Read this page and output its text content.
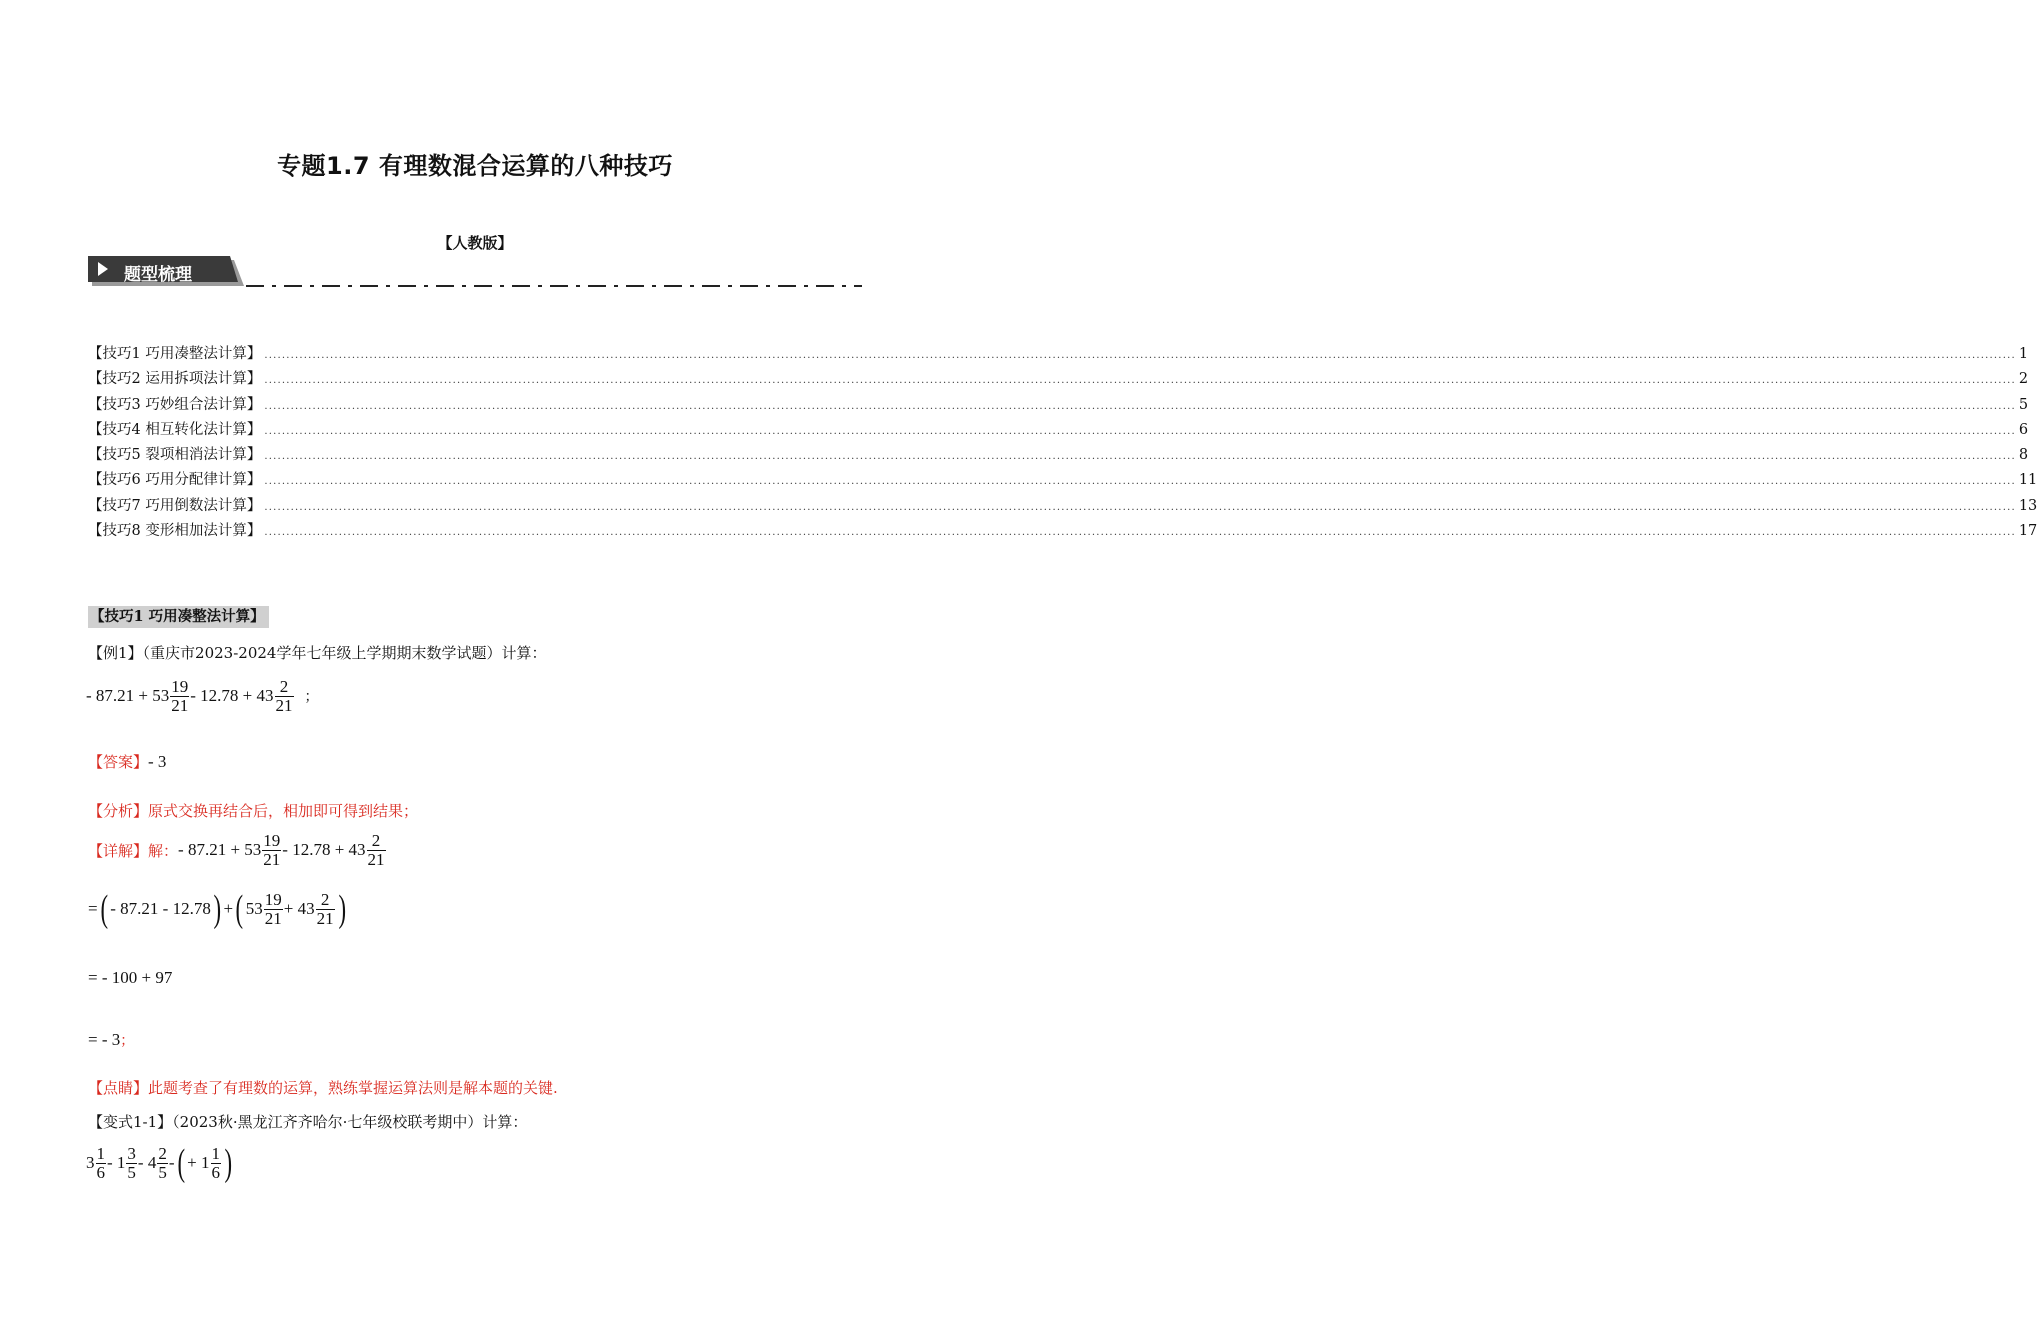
专题1.7 有理数混合运算的八种技巧
【人教版】
题型梳理
【技巧1 巧用凑整法计算】 ................................................................................................................................................................................................................................................................................................................................................................................................................ 1
【技巧2 运用拆项法计算】 ................................................................................................................................................................................................................................................................................................................................................................................................................ 2
【技巧3 巧妙组合法计算】 ................................................................................................................................................................................................................................................................................................................................................................................................................ 5
【技巧4 相互转化法计算】 ................................................................................................................................................................................................................................................................................................................................................................................................................ 6
【技巧5 裂项相消法计算】 ................................................................................................................................................................................................................................................................................................................................................................................................................ 8
【技巧6 巧用分配律计算】 ................................................................................................................................................................................................................................................................................................................................................................................................................ 11
【技巧7 巧用倒数法计算】 ................................................................................................................................................................................................................................................................................................................................................................................................................ 13
【技巧8 变形相加法计算】 ................................................................................................................................................................................................................................................................................................................................................................................................................ 17
【技巧1 巧用凑整法计算】
【例1】（重庆市2023-2024学年七年级上学期期末数学试题）计算：
- $87.21 + 53 \frac{19}{21} - 12.78 + 43 \frac{2}{21}$ ；
【答案】- 3
【分析】原式交换再结合后，相加即可得到结果；
【详解】 解： - $87.21 + 53 \frac{19}{21} - 12.78 + 43 \frac{2}{21}$
= ( - 87.21 - 12.78 ) + ( $53 \frac{19}{21} + 43 \frac{2}{21}$ )
= - 100 + 97
= - 3 ；
【点睛】此题考查了有理数的运算，熟练掌握运算法则是解本题的关键.
【变式1-1】（2023秋·黑龙江齐齐哈尔·七年级校联考期中）计算：
$3 \frac{1}{6} - 1 \frac{3}{5} - 4 \frac{2}{5}$ - ( + $1 \frac{1}{6}$ )
